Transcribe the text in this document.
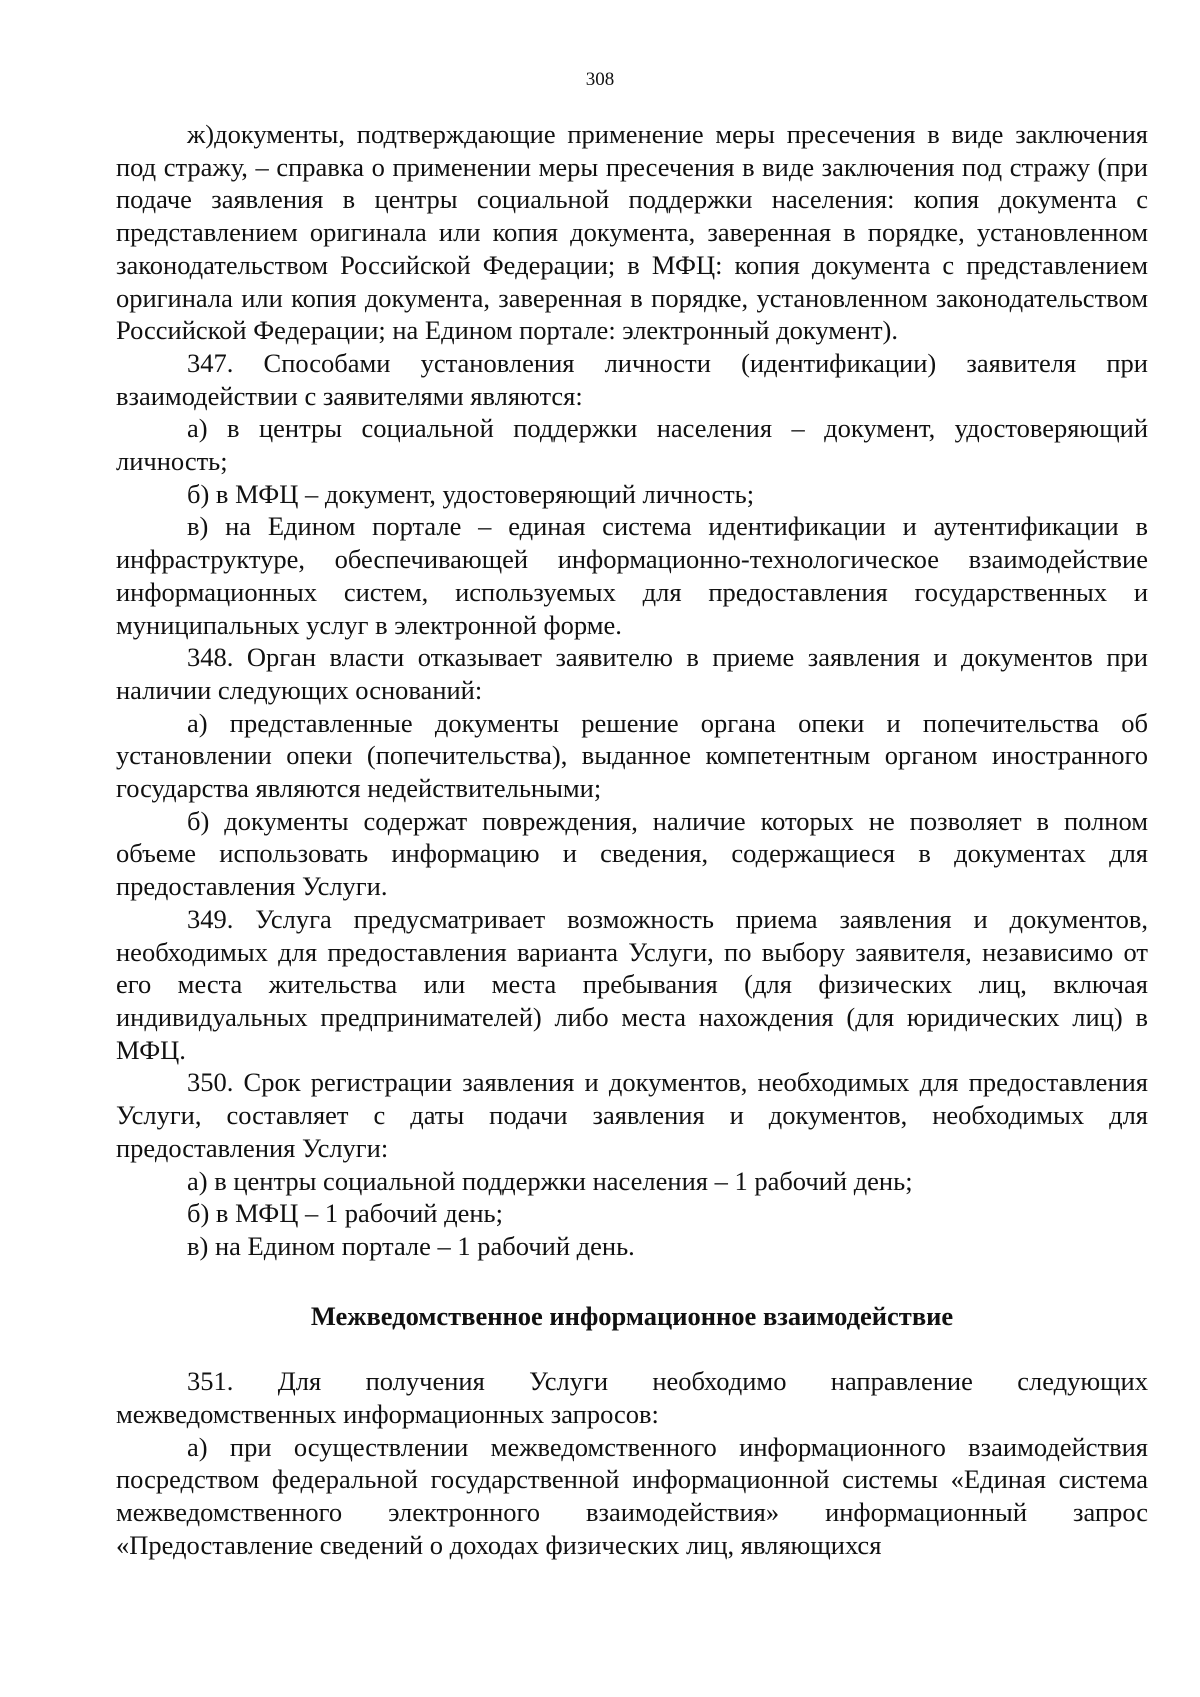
308

ж)документы, подтверждающие применение меры пресечения в виде заключения под стражу, – справка о применении меры пресечения в виде заключения под стражу (при подаче заявления в центры социальной поддержки населения: копия документа с представлением оригинала или копия документа, заверенная в порядке, установленном законодательством Российской Федерации; в МФЦ: копия документа с представлением оригинала или копия документа, заверенная в порядке, установленном законодательством Российской Федерации; на Едином портале: электронный документ).

347. Способами установления личности (идентификации) заявителя при взаимодействии с заявителями являются:

а) в центры социальной поддержки населения – документ, удостоверяющий личность;

б) в МФЦ – документ, удостоверяющий личность;

в) на Едином портале – единая система идентификации и аутентификации в инфраструктуре, обеспечивающей информационно-технологическое взаимодействие информационных систем, используемых для предоставления государственных и муниципальных услуг в электронной форме.

348. Орган власти отказывает заявителю в приеме заявления и документов при наличии следующих оснований:

а) представленные документы решение органа опеки и попечительства об установлении опеки (попечительства), выданное компетентным органом иностранного государства являются недействительными;

б) документы содержат повреждения, наличие которых не позволяет в полном объеме использовать информацию и сведения, содержащиеся в документах для предоставления Услуги.

349. Услуга предусматривает возможность приема заявления и документов, необходимых для предоставления варианта Услуги, по выбору заявителя, независимо от его места жительства или места пребывания (для физических лиц, включая индивидуальных предпринимателей) либо места нахождения (для юридических лиц) в МФЦ.

350. Срок регистрации заявления и документов, необходимых для предоставления Услуги, составляет с даты подачи заявления и документов, необходимых для предоставления Услуги:

а) в центры социальной поддержки населения – 1 рабочий день;

б) в МФЦ – 1 рабочий день;

в) на Едином портале – 1 рабочий день.

Межведомственное информационное взаимодействие

351. Для получения Услуги необходимо направление следующих межведомственных информационных запросов:

а) при осуществлении межведомственного информационного взаимодействия посредством федеральной государственной информационной системы «Единая система межведомственного электронного взаимодействия» информационный запрос «Предоставление сведений о доходах физических лиц, являющихся
